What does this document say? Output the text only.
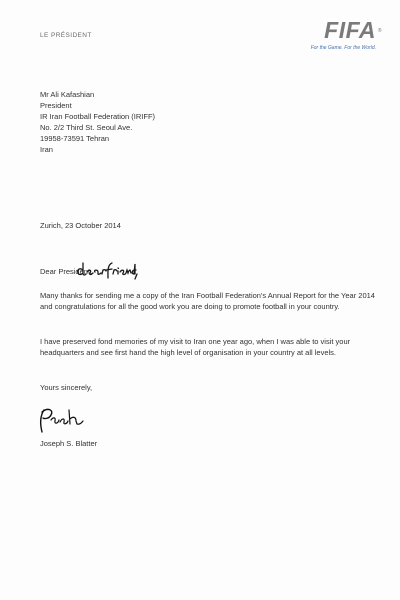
LE PRÉSIDENT	FIFA ®
For the Game. For the World.
Mr Ali Kafashian
President
IR Iran Football Federation (IRIFF)
No. 2/2 Third St. Seoul Ave.
19958-73591 Tehran
Iran
Zurich, 23 October 2014
Dear President,
Many thanks for sending me a copy of the Iran Football Federation's Annual Report for the Year 2014 and congratulations for all the good work you are doing to promote football in your country.
I have preserved fond memories of my visit to Iran one year ago, when I was able to visit your headquarters and see first hand the high level of organisation in your country at all levels.
Yours sincerely,
Joseph S. Blatter
